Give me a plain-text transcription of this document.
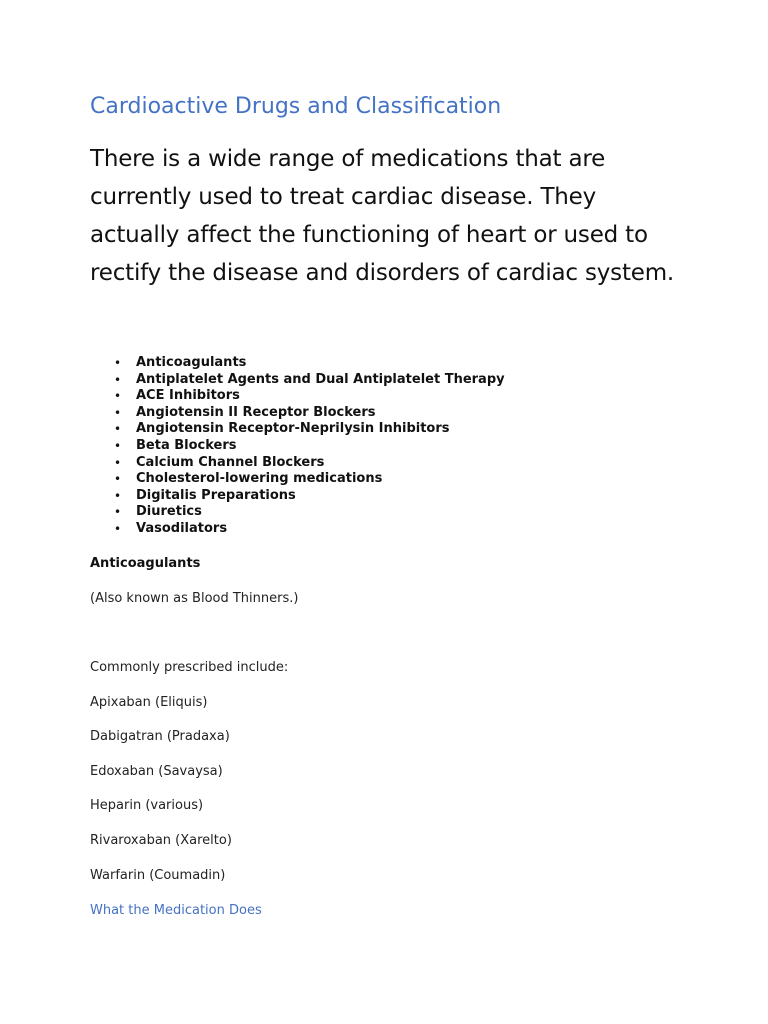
Cardioactive Drugs and Classification

There is a wide range of medications that are currently used to treat cardiac disease. They actually affect the functioning of heart or used to rectify the disease and disorders of cardiac system.

• Anticoagulants
• Antiplatelet Agents and Dual Antiplatelet Therapy
• ACE Inhibitors
• Angiotensin II Receptor Blockers
• Angiotensin Receptor-Neprilysin Inhibitors
• Beta Blockers
• Calcium Channel Blockers
• Cholesterol-lowering medications
• Digitalis Preparations
• Diuretics
• Vasodilators
Anticoagulants

(Also known as Blood Thinners.)

Commonly prescribed include:

Apixaban (Eliquis)

Dabigatran (Pradaxa)

Edoxaban (Savaysa)

Heparin (various)

Rivaroxaban (Xarelto)

Warfarin (Coumadin)

What the Medication Does
